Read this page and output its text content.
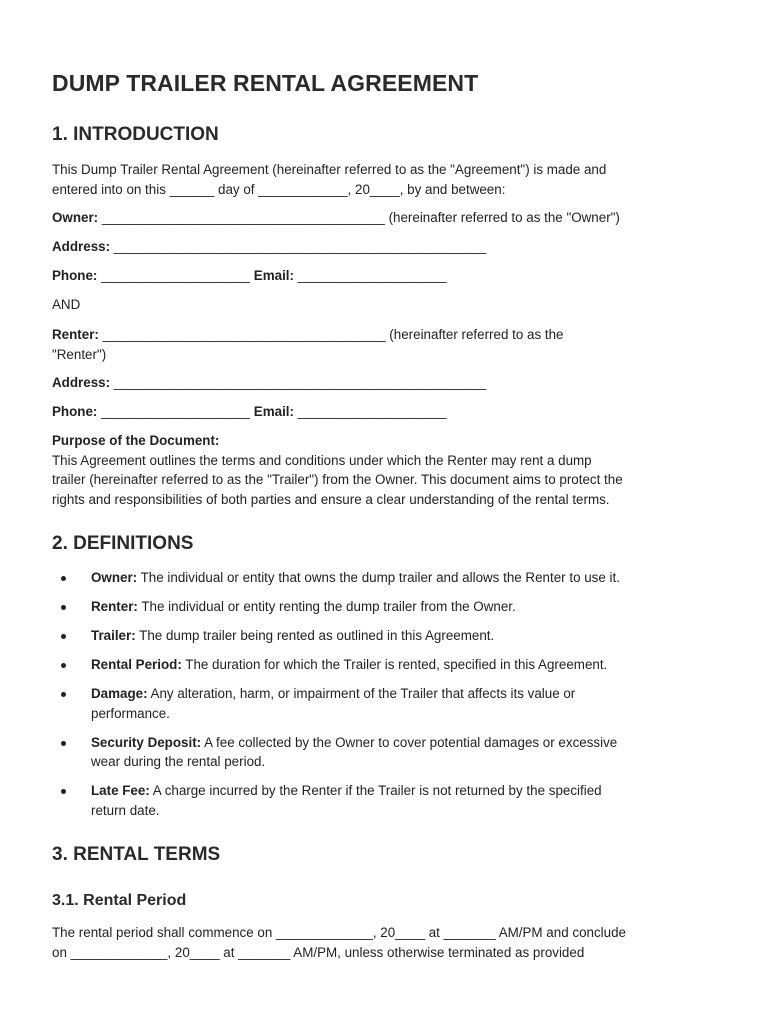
DUMP TRAILER RENTAL AGREEMENT
1. INTRODUCTION

This Dump Trailer Rental Agreement (hereinafter referred to as the "Agreement") is made and

entered into on this ______ day of ____________, 20____, by and between:

Owner: ______________________________________ (hereinafter referred to as the "Owner")

Address: __________________________________________________

Phone: ____________________ Email: ____________________

AND

Renter: ______________________________________ (hereinafter referred to as the

"Renter")

Address: __________________________________________________

Phone: ____________________ Email: ____________________

Purpose of the Document:

This Agreement outlines the terms and conditions under which the Renter may rent a dump

trailer (hereinafter referred to as the "Trailer") from the Owner. This document aims to protect the

rights and responsibilities of both parties and ensure a clear understanding of the rental terms.

2. DEFINITIONS
Owner: The individual or entity that owns the dump trailer and allows the Renter to use it.
Renter: The individual or entity renting the dump trailer from the Owner.
Trailer: The dump trailer being rented as outlined in this Agreement.
Rental Period: The duration for which the Trailer is rented, specified in this Agreement.
Damage: Any alteration, harm, or impairment of the Trailer that affects its value or
performance.
Security Deposit: A fee collected by the Owner to cover potential damages or excessive
wear during the rental period.
Late Fee: A charge incurred by the Renter if the Trailer is not returned by the specified
return date.
3. RENTAL TERMS
3.1. Rental Period

The rental period shall commence on _____________, 20____ at _______ AM/PM and conclude

on _____________, 20____ at _______ AM/PM, unless otherwise terminated as provided
